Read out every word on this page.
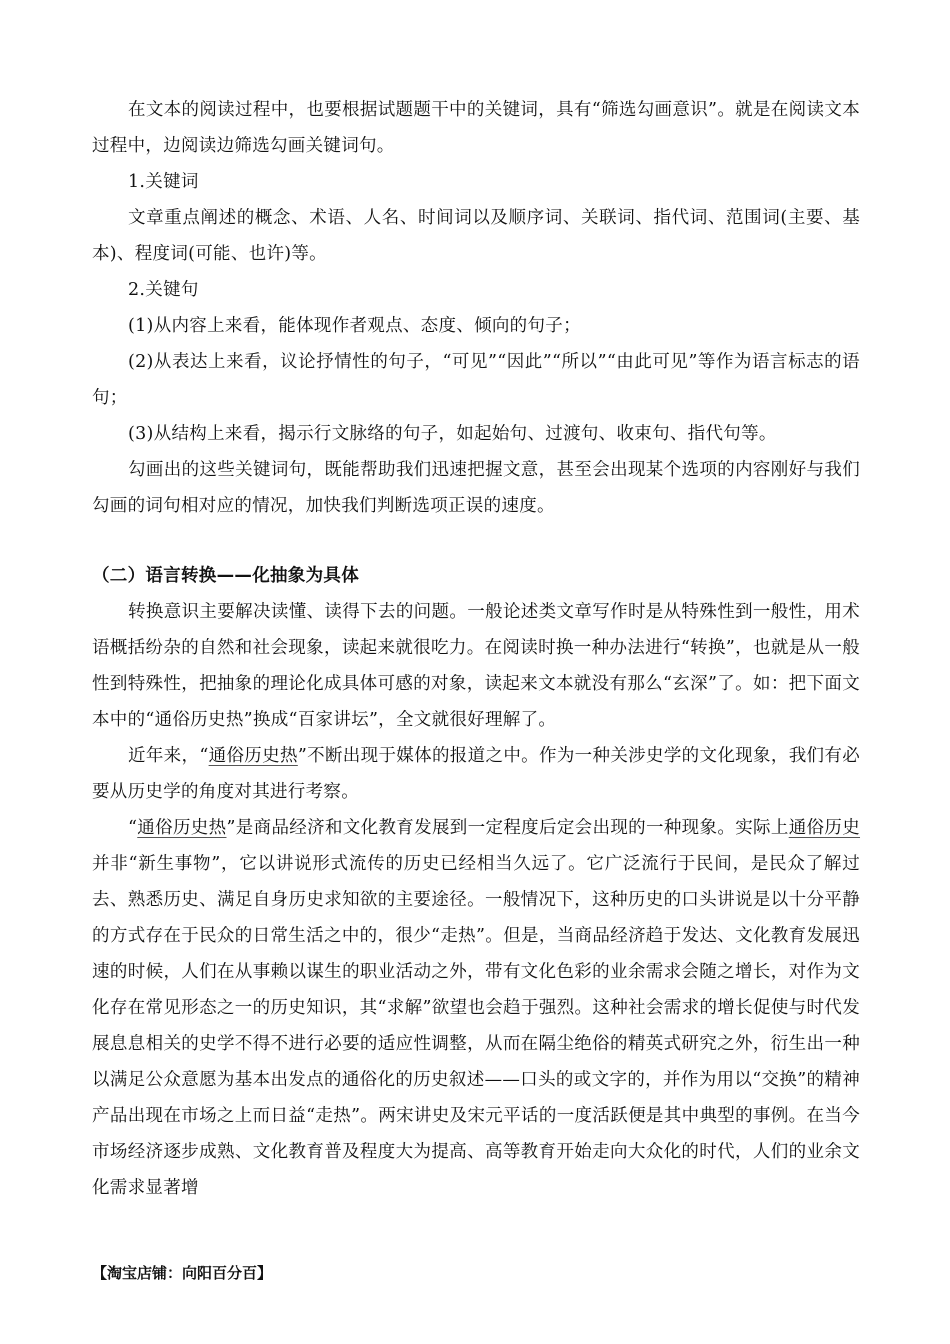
在文本的阅读过程中，也要根据试题题干中的关键词，具有“筛选勾画意识”。就是在阅读文本过程中，边阅读边筛选勾画关键词句。

1.关键词

文章重点阐述的概念、术语、人名、时间词以及顺序词、关联词、指代词、范围词(主要、基本)、程度词(可能、也许)等。

2.关键句

(1)从内容上来看，能体现作者观点、态度、倾向的句子；

(2)从表达上来看，议论抒情性的句子，“可见”“因此”“所以”“由此可见”等作为语言标志的语句；

(3)从结构上来看，揭示行文脉络的句子，如起始句、过渡句、收束句、指代句等。

勾画出的这些关键词句，既能帮助我们迅速把握文意，甚至会出现某个选项的内容刚好与我们勾画的词句相对应的情况，加快我们判断选项正误的速度。

（二）语言转换——化抽象为具体

转换意识主要解决读懂、读得下去的问题。一般论述类文章写作时是从特殊性到一般性，用术语概括纷杂的自然和社会现象，读起来就很吃力。在阅读时换一种办法进行“转换”，也就是从一般性到特殊性，把抽象的理论化成具体可感的对象，读起来文本就没有那么“玄深”了。如：把下面文本中的“通俗历史热”换成“百家讲坛”，全文就很好理解了。

近年来，“通俗历史热”不断出现于媒体的报道之中。作为一种关涉史学的文化现象，我们有必要从历史学的角度对其进行考察。

“通俗历史热”是商品经济和文化教育发展到一定程度后定会出现的一种现象。实际上通俗历史并非“新生事物”，它以讲说形式流传的历史已经相当久远了。它广泛流行于民间，是民众了解过去、熟悉历史、满足自身历史求知欲的主要途径。一般情况下，这种历史的口头讲说是以十分平静的方式存在于民众的日常生活之中的，很少“走热”。但是，当商品经济趋于发达、文化教育发展迅速的时候，人们在从事赖以谋生的职业活动之外，带有文化色彩的业余需求会随之增长，对作为文化存在常见形态之一的历史知识，其“求解”欲望也会趋于强烈。这种社会需求的增长促使与时代发展息息相关的史学不得不进行必要的适应性调整，从而在隔尘绝俗的精英式研究之外，衍生出一种以满足公众意愿为基本出发点的通俗化的历史叙述——口头的或文字的，并作为用以“交换”的精神产品出现在市场之上而日益“走热”。两宋讲史及宋元平话的一度活跃便是其中典型的事例。在当今市场经济逐步成熟、文化教育普及程度大为提高、高等教育开始走向大众化的时代，人们的业余文化需求显著增

【淘宝店铺：向阳百分百】
